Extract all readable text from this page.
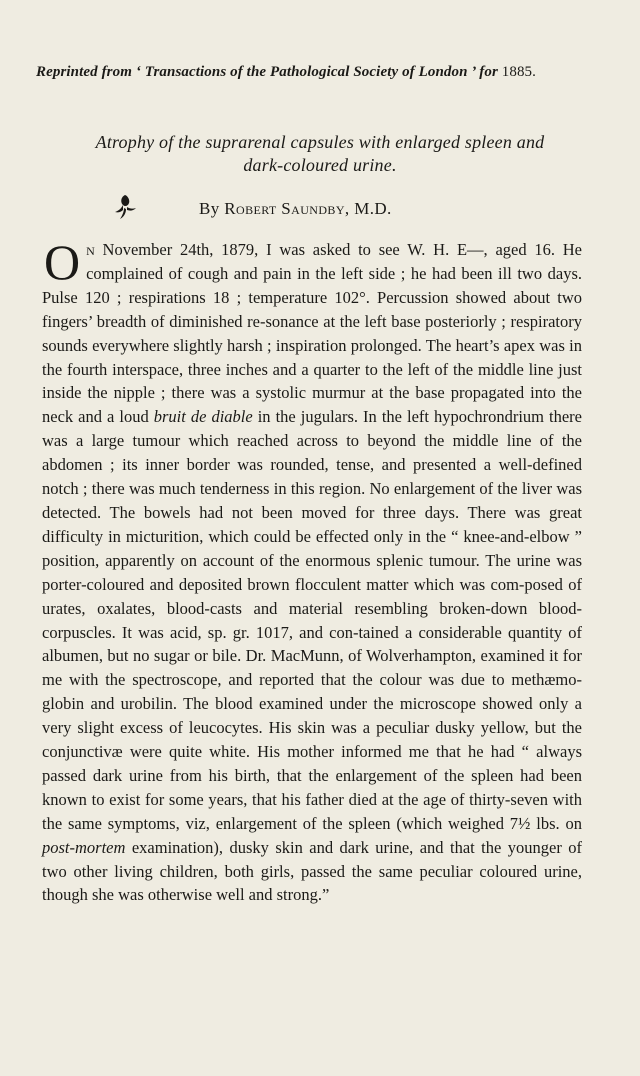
Reprinted from ‘ Transactions of the Pathological Society of London ’ for 1885.
Atrophy of the suprarenal capsules with enlarged spleen and
dark-coloured urine.
By Robert Saundby, M.D.
On November 24th, 1879, I was asked to see W. H. E—, aged 16. He complained of cough and pain in the left side ; he had been ill two days. Pulse 120 ; respirations 18 ; temperature 102°. Percussion showed about two fingers’ breadth of diminished re-sonance at the left base posteriorly ; respiratory sounds everywhere slightly harsh ; inspiration prolonged. The heart’s apex was in the fourth interspace, three inches and a quarter to the left of the middle line just inside the nipple ; there was a systolic murmur at the base propagated into the neck and a loud bruit de diable in the jugulars. In the left hypochrondrium there was a large tumour which reached across to beyond the middle line of the abdomen ; its inner border was rounded, tense, and presented a well-defined notch ; there was much tenderness in this region. No enlargement of the liver was detected. The bowels had not been moved for three days. There was great difficulty in micturition, which could be effected only in the “ knee-and-elbow ” position, apparently on account of the enormous splenic tumour. The urine was porter-coloured and deposited brown flocculent matter which was com-posed of urates, oxalates, blood-casts and material resembling broken-down blood-corpuscles. It was acid, sp. gr. 1017, and con-tained a considerable quantity of albumen, but no sugar or bile. Dr. MacMunn, of Wolverhampton, examined it for me with the spectroscope, and reported that the colour was due to methæmo-globin and urobilin. The blood examined under the microscope showed only a very slight excess of leucocytes. His skin was a peculiar dusky yellow, but the conjunctivæ were quite white. His mother informed me that he had “ always passed dark urine from his birth, that the enlargement of the spleen had been known to exist for some years, that his father died at the age of thirty-seven with the same symptoms, viz, enlargement of the spleen (which weighed 7½ lbs. on post-mortem examination), dusky skin and dark urine, and that the younger of two other living children, both girls, passed the same peculiar coloured urine, though she was otherwise well and strong.”
